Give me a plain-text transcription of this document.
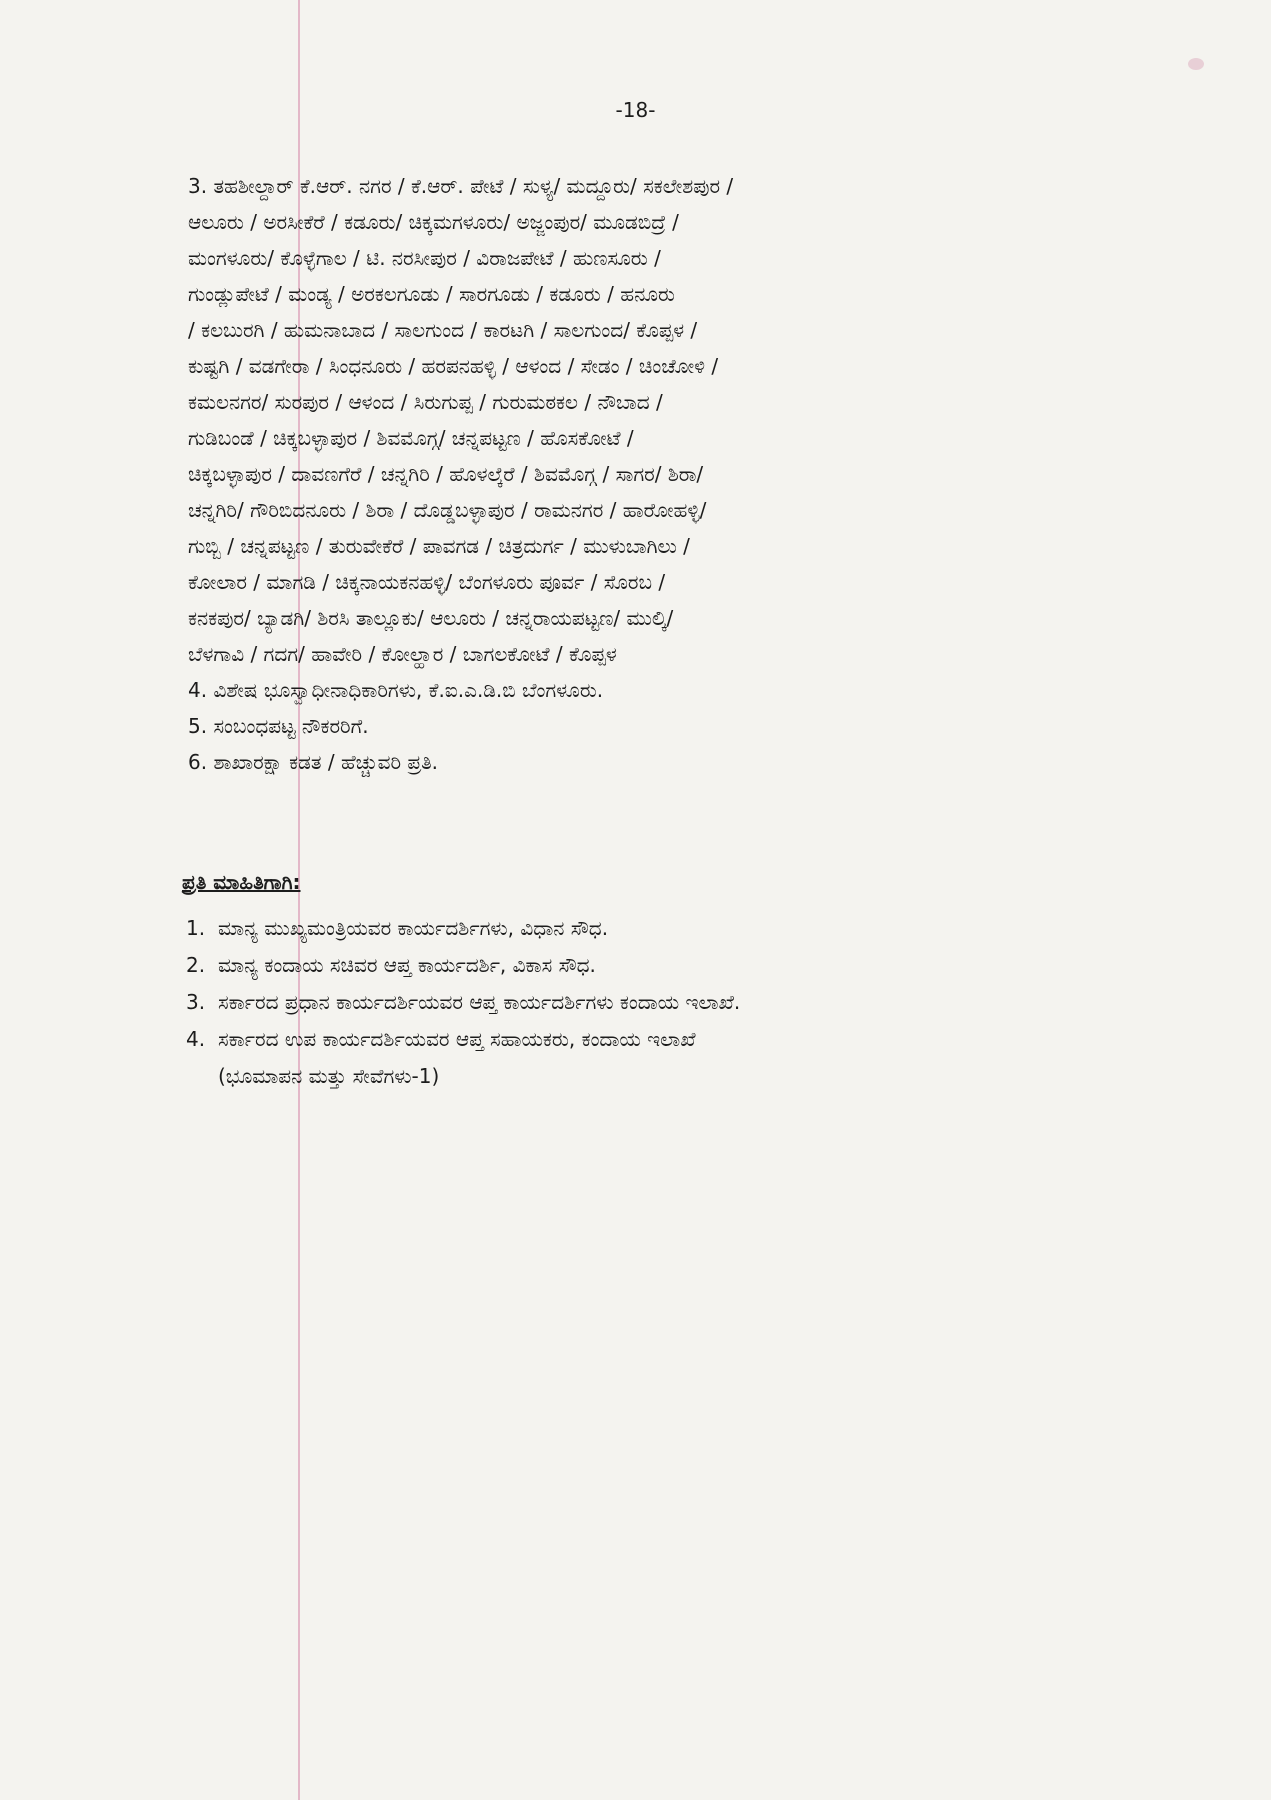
-18-
3. ತಹಶೀಲ್ದಾರ್ ಕೆ.ಆರ್. ನಗರ / ಕೆ.ಆರ್. ಪೇಟೆ / ಸುಳ್ಯ/ ಮದ್ದೂರು/ ಸಕಲೇಶಪುರ /
ಆಲೂರು / ಅರಸೀಕೆರೆ / ಕಡೂರು/ ಚಿಕ್ಕಮಗಳೂರು/ ಅಜ್ಜಂಪುರ/ ಮೂಡಬಿದ್ರೆ /
ಮಂಗಳೂರು/ ಕೊಳ್ಳೆಗಾಲ / ಟಿ. ನರಸೀಪುರ / ವಿರಾಜಪೇಟೆ / ಹುಣಸೂರು /
ಗುಂಡ್ಲುಪೇಟೆ / ಮಂಡ್ಯ / ಅರಕಲಗೂಡು / ಸಾರಗೂಡು / ಕಡೂರು / ಹನೂರು
/ ಕಲಬುರಗಿ / ಹುಮನಾಬಾದ / ಸಾಲಗುಂದ / ಕಾರಟಗಿ / ಸಾಲಗುಂದ/ ಕೊಪ್ಪಳ /
ಕುಷ್ಟಗಿ / ವಡಗೇರಾ / ಸಿಂಧನೂರು / ಹರಪನಹಳ್ಳಿ / ಆಳಂದ / ಸೇಡಂ / ಚಿಂಚೋಳಿ /
ಕಮಲನಗರ/ ಸುರಪುರ / ಆಳಂದ / ಸಿರುಗುಪ್ಪ / ಗುರುಮಠಕಲ / ನೌಬಾದ /
ಗುಡಿಬಂಡೆ / ಚಿಕ್ಕಬಳ್ಳಾಪುರ / ಶಿವಮೊಗ್ಗ/ ಚನ್ನಪಟ್ಟಣ / ಹೊಸಕೋಟೆ /
ಚಿಕ್ಕಬಳ್ಳಾಪುರ / ದಾವಣಗೆರೆ / ಚನ್ನಗಿರಿ / ಹೊಳಲ್ಕೆರೆ / ಶಿವಮೊಗ್ಗ / ಸಾಗರ/ ಶಿರಾ/
ಚನ್ನಗಿರಿ/ ಗೌರಿಬಿದನೂರು / ಶಿರಾ / ದೊಡ್ಡಬಳ್ಳಾಪುರ / ರಾಮನಗರ / ಹಾರೋಹಳ್ಳಿ/
ಗುಬ್ಬಿ / ಚನ್ನಪಟ್ಟಣ / ತುರುವೇಕೆರೆ / ಪಾವಗಡ / ಚಿತ್ರದುರ್ಗ / ಮುಳುಬಾಗಿಲು /
ಕೋಲಾರ / ಮಾಗಡಿ / ಚಿಕ್ಕನಾಯಕನಹಳ್ಳಿ/ ಬೆಂಗಳೂರು ಪೂರ್ವ / ಸೊರಬ /
ಕನಕಪುರ/ ಬ್ಯಾಡಗಿ/ ಶಿರಸಿ ತಾಲ್ಲೂಕು/ ಆಲೂರು / ಚನ್ನರಾಯಪಟ್ಟಣ/ ಮುಲ್ಕಿ/
ಬೆಳಗಾವಿ / ಗದಗ/ ಹಾವೇರಿ / ಕೋಲ್ಹಾರ / ಬಾಗಲಕೋಟೆ / ಕೊಪ್ಪಳ
4. ವಿಶೇಷ ಭೂಸ್ವಾಧೀನಾಧಿಕಾರಿಗಳು, ಕೆ.ಐ.ಎ.ಡಿ.ಬಿ ಬೆಂಗಳೂರು.
5. ಸಂಬಂಧಪಟ್ಟ ನೌಕರರಿಗೆ.
6. ಶಾಖಾರಕ್ಷಾ ಕಡತ / ಹೆಚ್ಚುವರಿ ಪ್ರತಿ.
ಪ್ರತಿ ಮಾಹಿತಿಗಾಗಿ:
1. ಮಾನ್ಯ ಮುಖ್ಯಮಂತ್ರಿಯವರ ಕಾರ್ಯದರ್ಶಿಗಳು, ವಿಧಾನ ಸೌಧ.
2. ಮಾನ್ಯ ಕಂದಾಯ ಸಚಿವರ ಆಪ್ತ ಕಾರ್ಯದರ್ಶಿ, ವಿಕಾಸ ಸೌಧ.
3. ಸರ್ಕಾರದ ಪ್ರಧಾನ ಕಾರ್ಯದರ್ಶಿಯವರ ಆಪ್ತ ಕಾರ್ಯದರ್ಶಿಗಳು ಕಂದಾಯ ಇಲಾಖೆ.
4. ಸರ್ಕಾರದ ಉಪ ಕಾರ್ಯದರ್ಶಿಯವರ ಆಪ್ತ ಸಹಾಯಕರು, ಕಂದಾಯ ಇಲಾಖೆ
(ಭೂಮಾಪನ ಮತ್ತು ಸೇವೆಗಳು-1)
